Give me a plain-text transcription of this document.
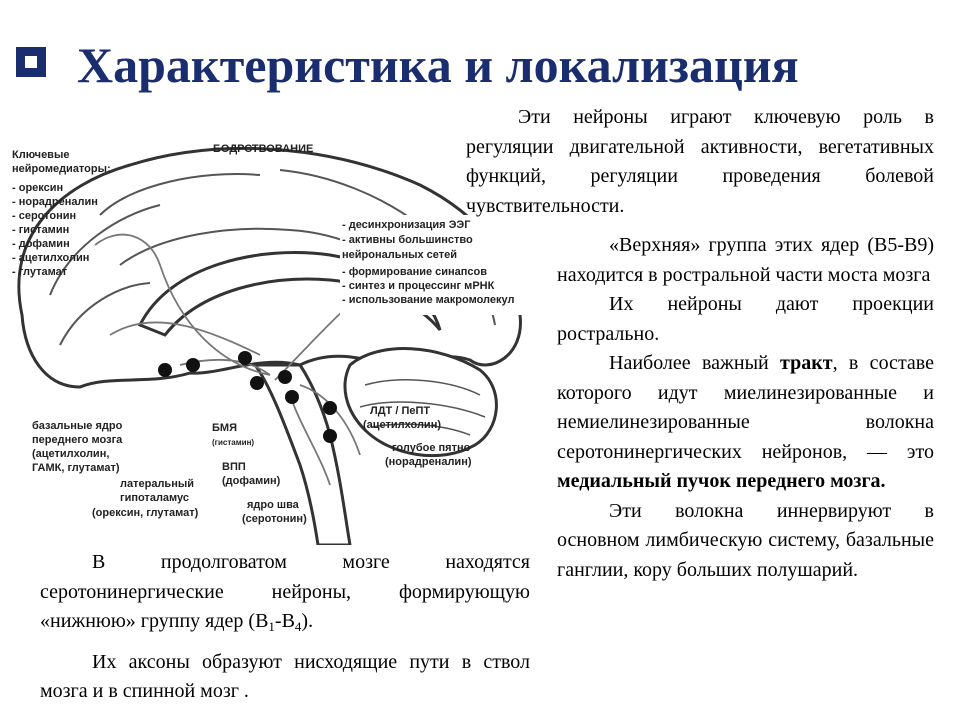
Характеристика и локализация
БОДРСТВОВАНИЕ
Ключевые
нейромедиаторы:
- орексин
- норадреналин
- серотонин
- гистамин
- дофамин
- ацетилхолин
- глутамат
- десинхронизация ЭЭГ
- активны большинство
нейрональных сетей
- формирование синапсов
- синтез и процессинг мРНК
- использование макромолекул
базальные ядро
переднего мозга
(ацетилхолин,
ГАМК, глутамат)
латеральный
гипоталамус
(орексин, глутамат)
БМЯ
(гистамин)
ВПП
(дофамин)
ядро шва
(серотонин)
ЛДТ / ПеПТ
(ацетилхолин)
голубое пятно
(норадреналин)

Эти нейроны играют ключевую роль в регуляции двигательной активности, вегетативных функций, регуляции проведения болевой чувствительности.

«Верхняя» группа этих ядер (В5-В9) находится в ростральной части моста мозга

Их нейроны дают проекции рострально.

Наиболее важный тракт, в составе которого идут миелинезированные и немиелинезированные волокна серотонинергических нейронов, — это медиальный пучок переднего мозга.

Эти волокна иннервируют в основном лимбическую систему, базальные ганглии, кору больших полушарий.

В продолговатом мозге находятся серотонинергические нейроны, формирующую «нижнюю» группу ядер $(В_1-В_4)$.

Их аксоны образуют нисходящие пути в ствол мозга и в спинной мозг .
